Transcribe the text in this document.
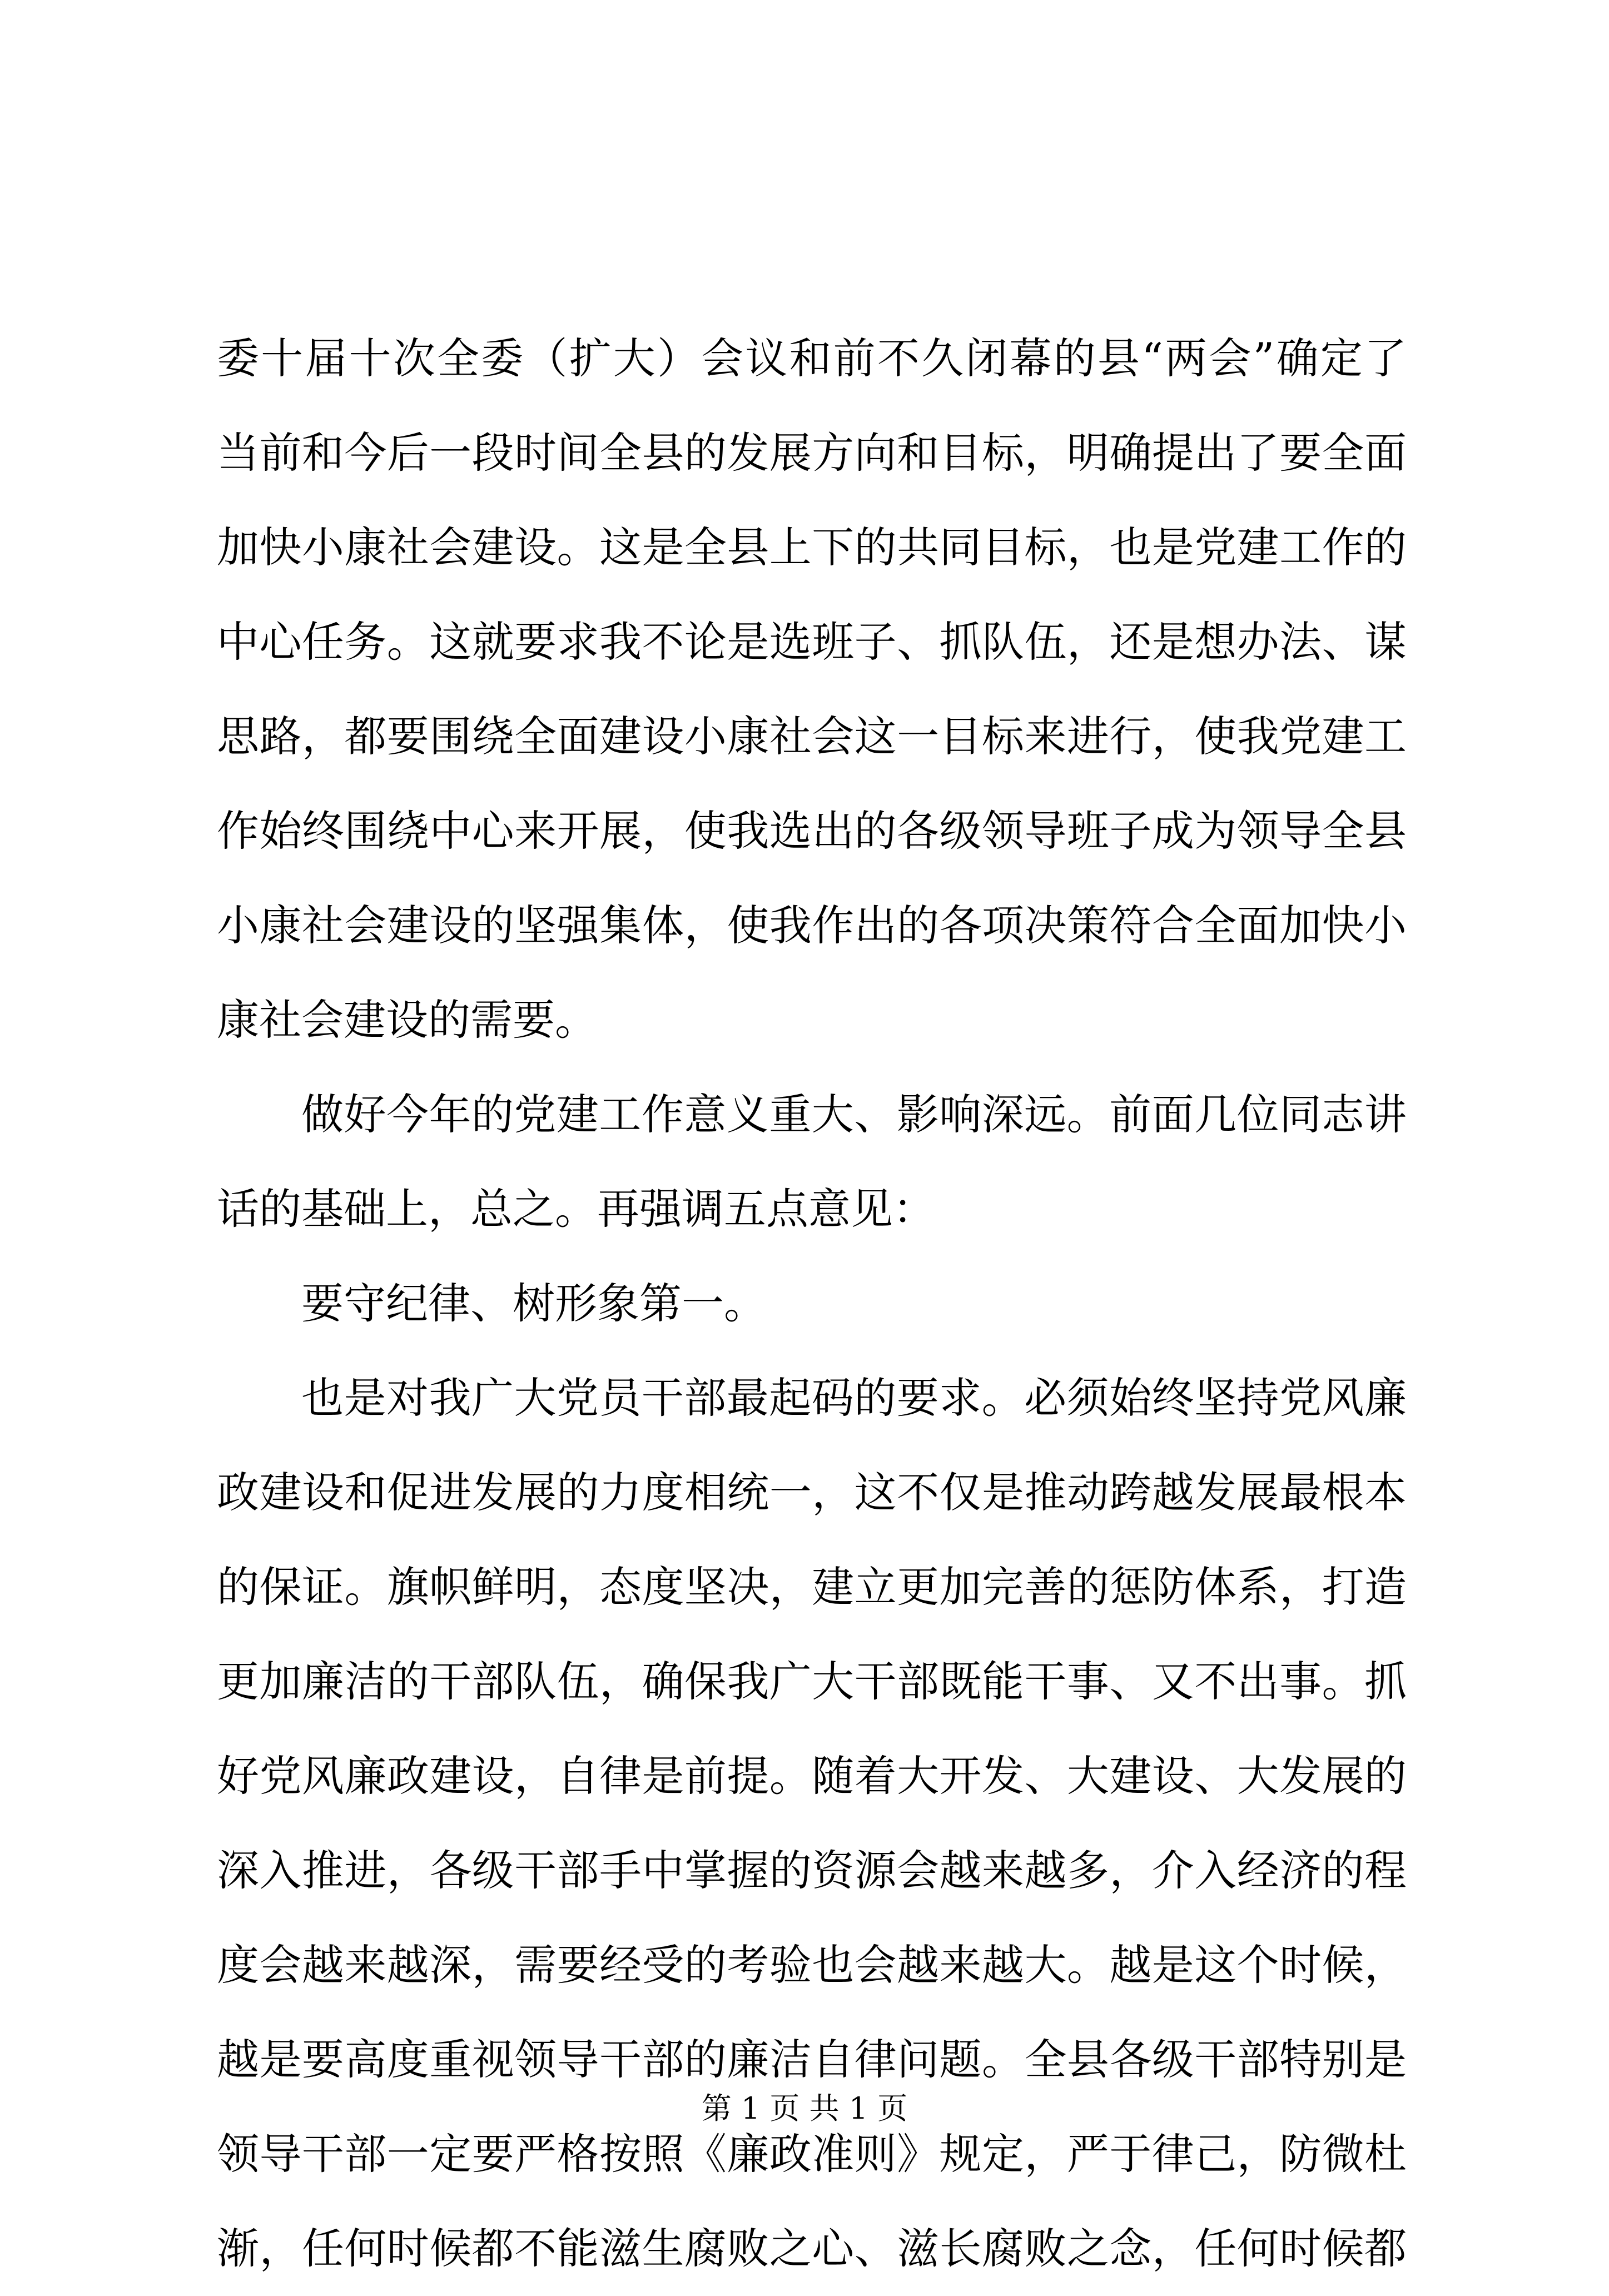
委十届十次全委（扩大）会议和前不久闭幕的县“两会”确定了
当前和今后一段时间全县的发展方向和目标，明确提出了要全面
加快小康社会建设。这是全县上下的共同目标，也是党建工作的
中心任务。这就要求我不论是选班子、抓队伍，还是想办法、谋
思路，都要围绕全面建设小康社会这一目标来进行，使我党建工
作始终围绕中心来开展，使我选出的各级领导班子成为领导全县
小康社会建设的坚强集体，使我作出的各项决策符合全面加快小
康社会建设的需要。
做好今年的党建工作意义重大、影响深远。前面几位同志讲
话的基础上，总之。再强调五点意见：
要守纪律、树形象第一。
也是对我广大党员干部最起码的要求。必须始终坚持党风廉
政建设和促进发展的力度相统一，这不仅是推动跨越发展最根本
的保证。旗帜鲜明，态度坚决，建立更加完善的惩防体系，打造
更加廉洁的干部队伍，确保我广大干部既能干事、又不出事。抓
好党风廉政建设，自律是前提。随着大开发、大建设、大发展的
深入推进，各级干部手中掌握的资源会越来越多，介入经济的程
度会越来越深，需要经受的考验也会越来越大。越是这个时候，
越是要高度重视领导干部的廉洁自律问题。全县各级干部特别是
领导干部一定要严格按照《廉政准则》规定，严于律己，防微杜
渐，任何时候都不能滋生腐败之心、滋长腐败之念，任何时候都
第 1 页 共 1 页
